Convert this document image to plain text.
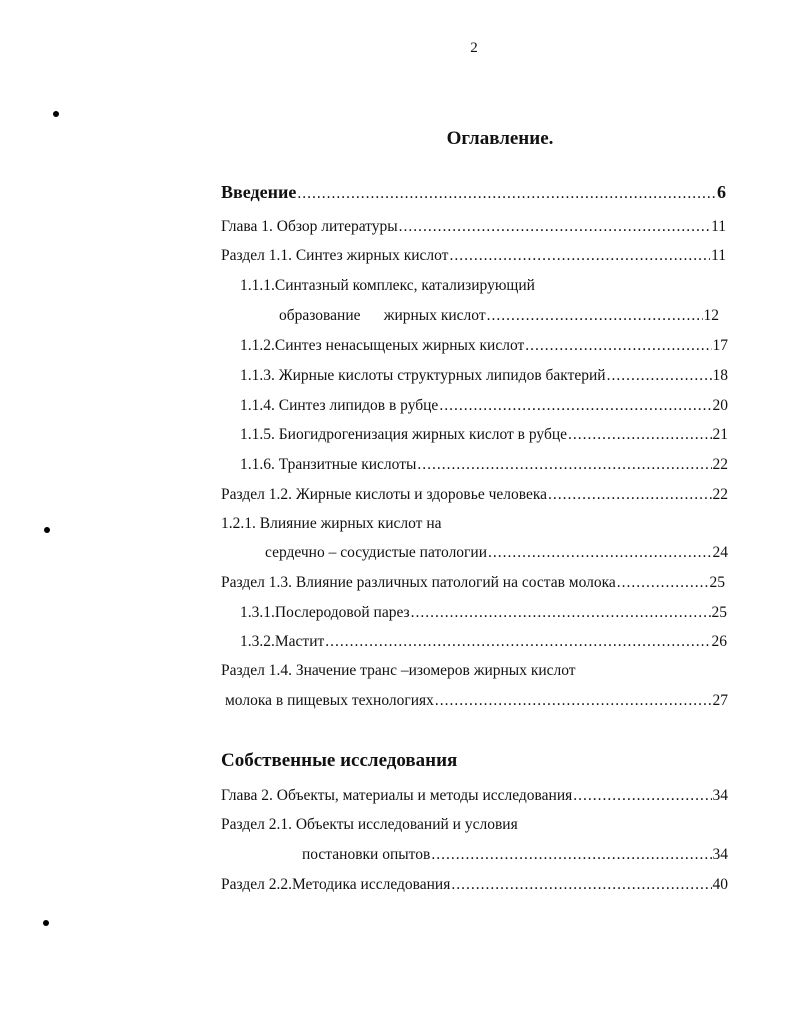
2
Оглавление.
Введение .....	6
Глава 1. Обзор литературы .....	11
Раздел 1.1. Синтез жирных кислот .....	11
1.1.1.Синтазный комплекс, катализирующий
образование      жирных кислот .....	12
1.1.2.Синтез ненасыщеных жирных кислот .....	17
1.1.3. Жирные кислоты структурных липидов бактерий .....	18
1.1.4. Синтез липидов в рубце .....	20
1.1.5. Биогидрогенизация жирных кислот в рубце .....	21
1.1.6. Транзитные кислоты .....	22
Раздел 1.2. Жирные кислоты и здоровье человека .....	22
1.2.1. Влияние жирных кислот на
сердечно – сосудистые патологии .....	24
Раздел 1.3. Влияние различных патологий на состав молока .....	25
1.3.1.Послеродовой парез .....	25
1.3.2.Мастит .....	26
Раздел 1.4. Значение транс –изомеров жирных кислот
молока в пищевых технологиях .....	27
Собственные исследования
Глава 2. Объекты, материалы и методы исследования .....	34
Раздел 2.1. Объекты исследований и условия
постановки опытов .....	34
Раздел 2.2.Методика исследования .....	40
